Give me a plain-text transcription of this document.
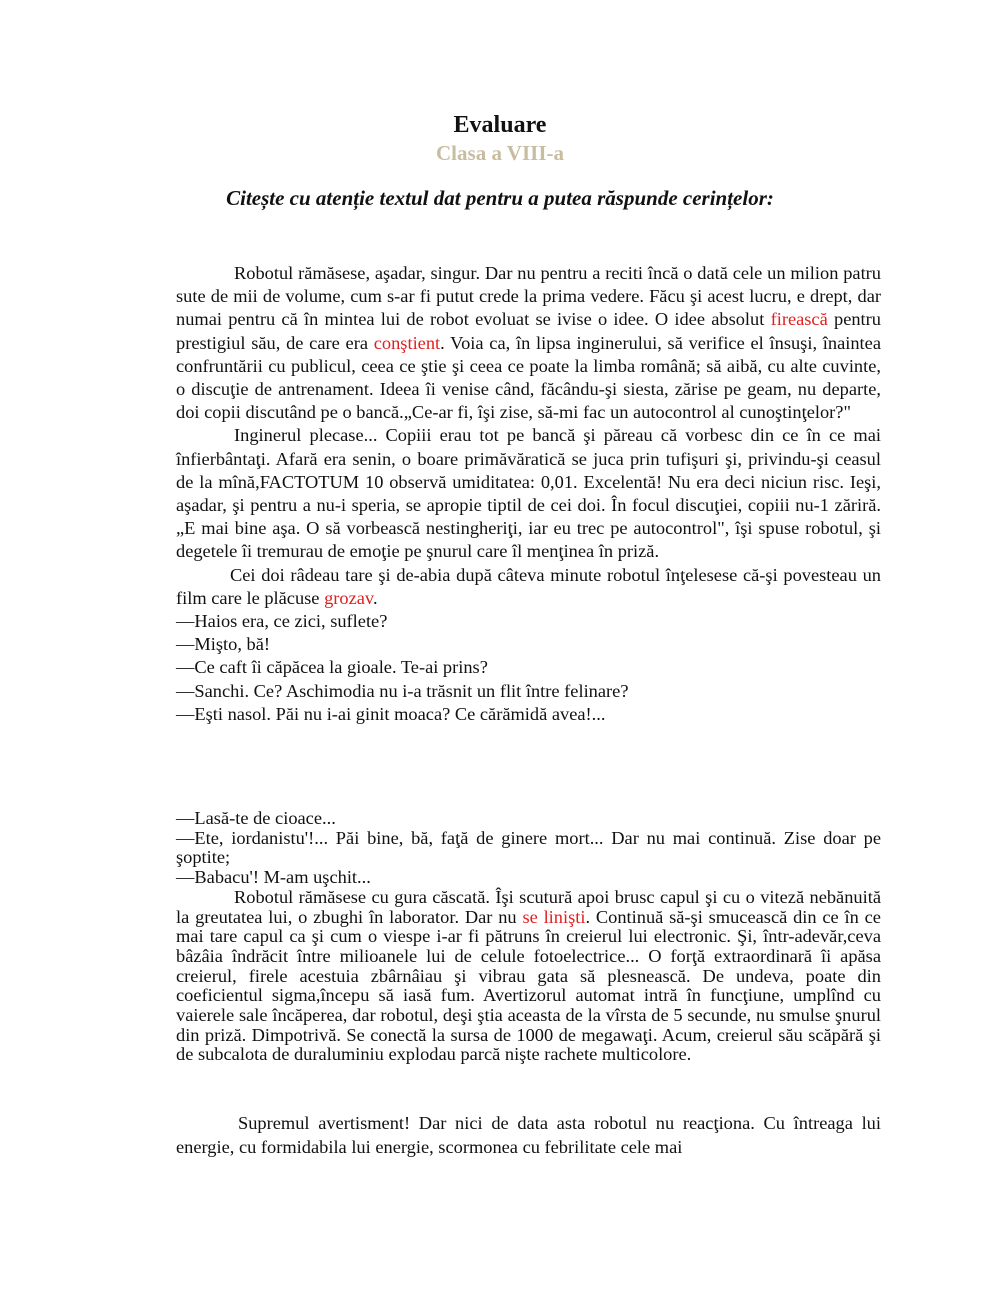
Evaluare
Clasa a VIII-a
Citește cu atenție textul dat pentru a putea răspunde cerințelor:

Robotul rămăsese, aşadar, singur. Dar nu pentru a reciti încă o dată cele un milion patru sute de mii de volume, cum s-ar fi putut crede la prima vedere. Făcu şi acest lucru, e drept, dar numai pentru că în mintea lui de robot evoluat se ivise o idee. O idee absolut firească pentru prestigiul său, de care era conştient. Voia ca, în lipsa inginerului, să verifice el însuşi, înaintea confruntării cu publicul, ceea ce ştie şi ceea ce poate la limba română; să aibă, cu alte cuvinte, o discuţie de antrenament. Ideea îi venise când, făcându-şi siesta, zărise pe geam, nu departe, doi copii discutând pe o bancă.„Ce-ar fi, îşi zise, să-mi fac un autocontrol al cunoştinţelor?"

Inginerul plecase... Copiii erau tot pe bancă şi păreau că vorbesc din ce în ce mai înfierbântaţi. Afară era senin, o boare primăvăratică se juca prin tufişuri şi, privindu-şi ceasul de la mînă,FACTOTUM 10 observă umiditatea: 0,01. Excelentă! Nu era deci niciun risc. Ieşi, aşadar, şi pentru a nu-i speria, se apropie tiptil de cei doi. În focul discuţiei, copiii nu-1 zăriră.„E mai bine aşa. O să vorbească nestingheriţi, iar eu trec pe autocontrol", îşi spuse robotul, şi degetele îi tremurau de emoţie pe şnurul care îl menţinea în priză.

Cei doi râdeau tare şi de-abia după câteva minute robotul înţelesese că-şi povesteau un film care le plăcuse grozav.

—Haios era, ce zici, suflete?
—Mişto, bă!
—Ce caft îi căpăcea la gioale. Te-ai prins?
—Sanchi. Ce? Aschimodia nu i-a trăsnit un flit între felinare?
—Eşti nasol. Păi nu i-ai ginit moaca? Ce cărămidă avea!...
—Lasă-te de cioace...
—Ete, iordanistu'!... Păi bine, bă, faţă de ginere mort... Dar nu mai continuă. Zise doar pe şoptite;
—Babacu'! M-am uşchit...

Robotul rămăsese cu gura căscată. Îşi scutură apoi brusc capul şi cu o viteză nebănuită la greutatea lui, o zbughi în laborator. Dar nu se linişti. Continuă să-şi smucească din ce în ce mai tare capul ca şi cum o viespe i-ar fi pătruns în creierul lui electronic. Şi, într-adevăr,ceva bâzâia îndrăcit între milioanele lui de celule fotoelectrice... O forţă extraordinară îi apăsa creierul, firele acestuia zbârnâiau şi vibrau gata să plesnească. De undeva, poate din coeficientul sigma,începu să iasă fum. Avertizorul automat intră în funcţiune, umplînd cu vaierele sale încăperea, dar robotul, deşi ştia aceasta de la vîrsta de 5 secunde, nu smulse şnurul din priză. Dimpotrivă. Se conectă la sursa de 1000 de megawaţi. Acum, creierul său scăpără şi de subcalota de duraluminiu explodau parcă nişte rachete multicolore.

Supremul avertisment! Dar nici de data asta robotul nu reacţiona. Cu întreaga lui energie, cu formidabila lui energie, scormonea cu febrilitate cele mai
